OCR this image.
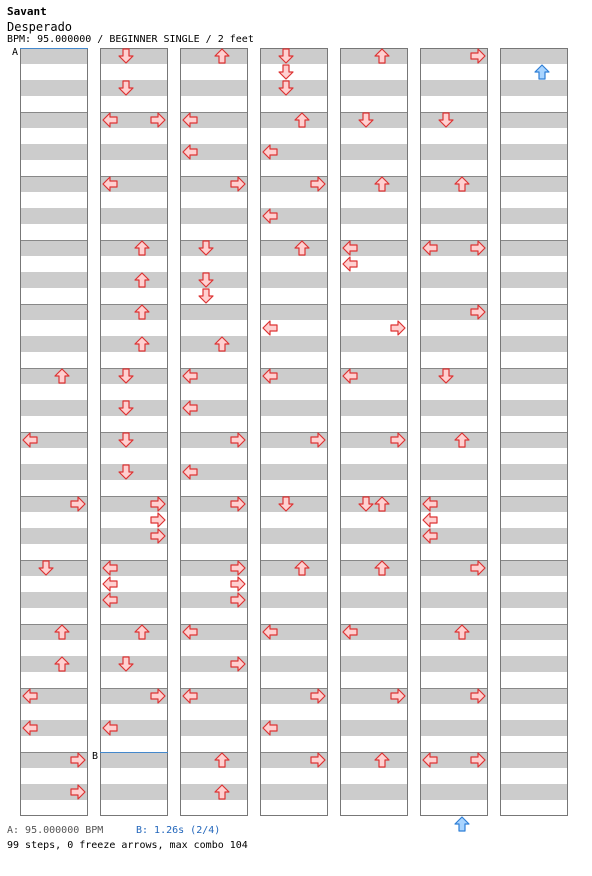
Savant
Desperado
BPM: 95.000000 / BEGINNER SINGLE / 2 feet
A
B
A: 95.000000 BPM	B: 1.26s (2/4)
99 steps, 0 freeze arrows, max combo 104
